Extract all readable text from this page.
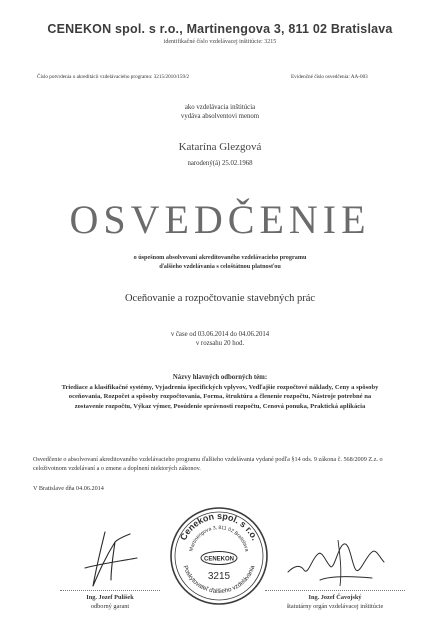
CENEKON spol. s r.o., Martinengova 3, 811 02 Bratislava
identifikačné číslo vzdelávacej inštitúcie: 3215
Číslo potvrdenia o akreditácii vzdelávacieho programu: 3215/2010/159/2	Evidenčné číslo osvedčenia: AA-003
ako vzdelávacia inštitúcia
vydáva absolventovi menom
Katarína Glezgová
narodený(á) 25.02.1968
OSVEDČENIE
o úspešnom absolvovaní akreditovaného vzdelávacieho programu
ďalšieho vzdelávania s celoštátnou platnosťou
Oceňovanie a rozpočtovanie stavebných prác
v čase od 03.06.2014 do 04.06.2014
v rozsahu 20 hod.
Názvy hlavných odborných tém:
Triediace a klasifikačné systémy, Vyjadrenia špecifických vplyvov, Vedľajšie rozpočtové náklady, Ceny a spôsoby oceňovania, Rozpočet a spôsoby rozpočtovania, Forma, štruktúra a členenie rozpočtu, Nástroje potrebné na zostavenie rozpočtu, Výkaz výmer, Posúdenie správnosti rozpočtu, Cenová ponuka, Praktická aplikácia
Osvedčenie o absolvovaní akreditovaného vzdelávacieho programu ďalšieho vzdelávania vydané podľa §14 ods. 9 zákona č. 568/2009 Z.z. o celoživotnom vzdelávaní a o zmene a doplnení niektorých zákonov.
V Bratislave dňa 04.06.2014
Ing. Jozef Pulišek
odborný garant
Cenekon spol. s r.o.
Martinengova 3, 811 02 Bratislava
CENEKON
3215
Poskytovateľ ďalšieho vzdelávania
Ing. Jozef Čavojský
štatutárny orgán vzdelávacej inštitúcie
